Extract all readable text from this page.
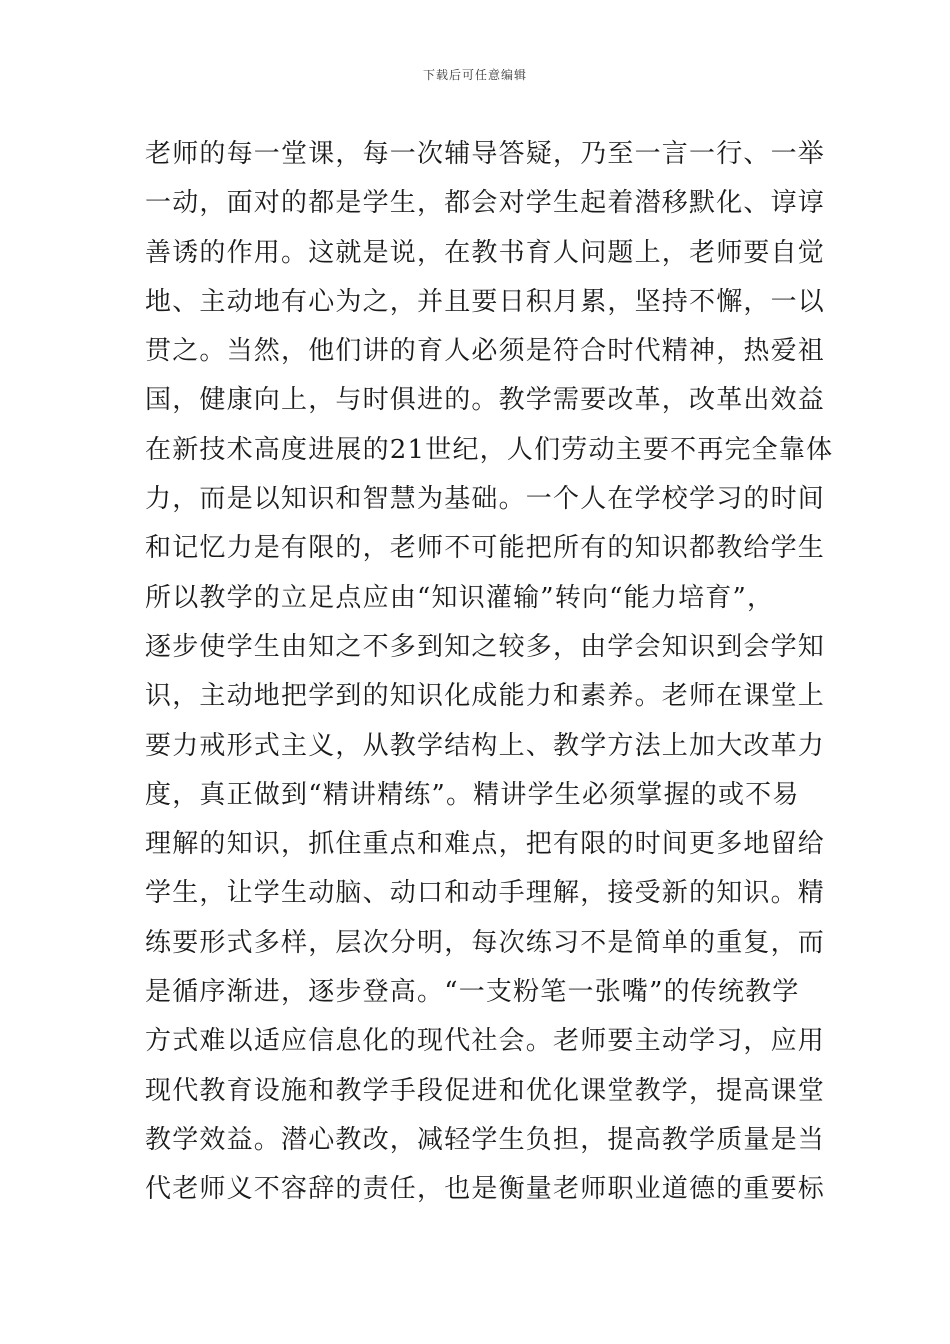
下载后可任意编辑
老师的每一堂课，每一次辅导答疑，乃至一言一行、一举
一动，面对的都是学生，都会对学生起着潜移默化、谆谆
善诱的作用。这就是说，在教书育人问题上，老师要自觉
地、主动地有心为之，并且要日积月累，坚持不懈，一以
贯之。当然，他们讲的育人必须是符合时代精神，热爱祖
国，健康向上，与时俱进的。教学需要改革，改革出效益
在新技术高度进展的21世纪，人们劳动主要不再完全靠体
力，而是以知识和智慧为基础。一个人在学校学习的时间
和记忆力是有限的，老师不可能把所有的知识都教给学生
所以教学的立足点应由“知识灌输”转向“能力培育”，
逐步使学生由知之不多到知之较多，由学会知识到会学知
识，主动地把学到的知识化成能力和素养。老师在课堂上
要力戒形式主义，从教学结构上、教学方法上加大改革力
度，真正做到“精讲精练”。精讲学生必须掌握的或不易
理解的知识，抓住重点和难点，把有限的时间更多地留给
学生，让学生动脑、动口和动手理解，接受新的知识。精
练要形式多样，层次分明，每次练习不是简单的重复，而
是循序渐进，逐步登高。“一支粉笔一张嘴”的传统教学
方式难以适应信息化的现代社会。老师要主动学习，应用
现代教育设施和教学手段促进和优化课堂教学，提高课堂
教学效益。潜心教改，减轻学生负担，提高教学质量是当
代老师义不容辞的责任，也是衡量老师职业道德的重要标
